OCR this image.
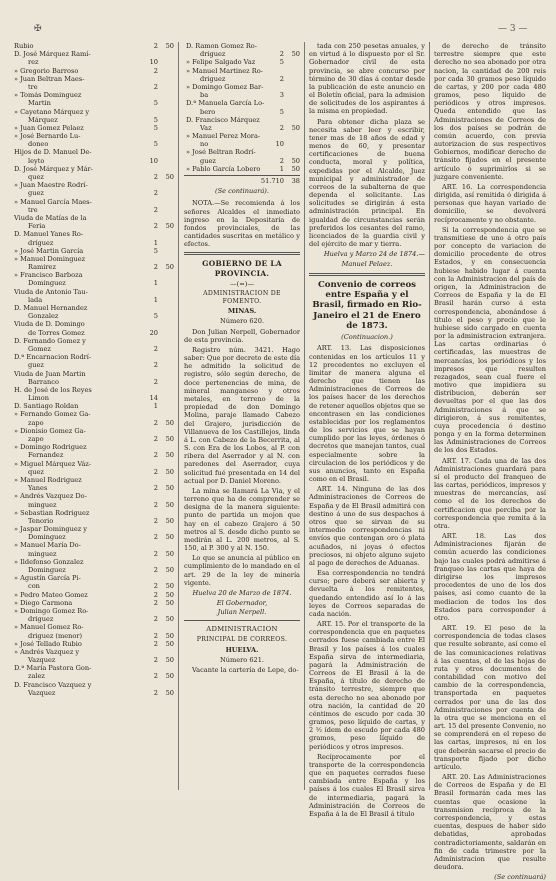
✠	— 3 —
Rubio	2	50
D. José Márquez Ramí-
rez	10
» Gregorio Barroso	2
» Juan Beltran Maes-
tre	2
» Tomás Dominguez
Martin	5
» Cayetano Márquez y
Márquez	5
» Juan Gomez Pelaez	5
» José Bernardo Lu-
doneo	5
Hijos de D. Manuel De-
leyto	10
D. José Márquez y Már-
quez	2	50
» Juan Maestre Rodrí-
guez	2
» Manuel García Maes-
tre	2
Viuda de Matías de la
Feria	2	50
D. Manuel Yanes Ro-
dríguez	1
» José Martin García	5
» Manuel Dominguez
Ramirez	2	50
» Francisco Barboza
Dominguez	1
Viuda de Antonio Tau-
lada	1
D. Manuel Hernandez
Gonzalez	5
Viuda de D. Domingo
de Torres Gomez	20
D. Fernando Gomez y
Gomez	2
D.ª Encarnacion Rodrí-
guez	2
Viuda de Juan Martin
Barranco	2
H. de José de los Reyes
Limon	14
D. Santiago Roldan	1
» Fernando Gomez Ga-
zapo	2	50
» Dionisio Gomez Ga-
zapo	2	50
» Domingo Rodriguez
Fernandez	2	50
» Miguel Márquez Váz-
quez	2	50
» Manuel Rodriguez
Yanes	2	50
» Andrés Vazquez Do-
minguez	2	50
» Sebastian Rodriguez
Tenorio	2	50
» Jaspar Dominguez y
Dominguez	2	50
» Manuel María Do-
minguez	2	50
» Ildefonso Gonzalez
Dominguez	2	50
» Agustín García Pi-
con	2	50
» Pedro Mateo Gomez	2	50
» Diego Carmona	2	50
» Domingo Gomez Ro-
driguez	2	50
» Manuel Gomez Ro-
driguez (menor)	2	50
» José Tellado Rubio	2	50
» Andrés Vazquez y
Vazquez	2	50
D.ª María Pastora Gon-
zalez	2	50
D. Francisco Vazquez y
Vazquez	2	50
D. Ramon Gomez Ro-
driguez	2	50
» Felipe Salgado Vaz	5
» Manuel Martinez Ro-
driguez	2
» Domingo Gomez Bar-
ba	3
D.ª Manuela García Lo-
bero	5
D. Francisco Márquez
Vaz	2	50
» Manuel Perez Mora-
no	10
» José Beltran Rodrí-
guez	2	50
» Pablo García Lobero	1	50
51.710	38
(Se continuará).
NOTA.—Se recomienda á los señores Alcaldes el inmediato ingreso en la Depositaría de fondos provinciales, de las cantidades suscritas en metálico y efectos.
GOBIERNO DE LA PROVINCIA.
—(=)—
ADMINISTRACION DE FOMENTO.
MINAS.
Número 620.
Don Julian Nerpell, Gobernador de esta provincia.
Registro núm. 3421. Hago saber: Que por decreto de este día he admitido la solicitud de registro, sólo según derecho, de doce pertenencias de mina, de mineral manganeso y otros metales, en terreno de la propiedad de don Domingo Molina, paraje llamado Cabezo del Grajero, jurisdicción de Villanueva de los Castillejos, linda á L. con Cabezo de la Becerrita, al S. con Era de los Lobos, al P. con ribera del Aserrador y al N. con paredones del Aserrador, cuya solicitud fué presentada en 14 del actual por D. Daniel Moreno.
La mina se llamará La Via, y el terreno que ha de comprender se designa de la manera siguiente: punto de partida un mojon que hay en el cabezo Grajero á 50 metros al S. desde dicho punto se medirán al L. 200 metros, al S. 150, al P. 300 y al N. 150.
Lo que se anuncia al público en cumplimiento de lo mandado en el art. 29 de la ley de minería vigente.
Huelva 20 de Marzo de 1874.
El Gobernador,
Julian Nerpell.
ADMINISTRACION
PRINCIPAL DE CORREOS.
HUELVA.
Número 621.
Vacante la cartería de Lepe, do-
tada con 250 pesetas anuales, y en virtud á lo dispuesto por el Sr. Gobernador civil de esta provincia, se abre concurso por término de 30 días á contar desde la publicación de este anuncio en el Boletín oficial, para la admision de solicitudes de los aspirantes á la misma en propiedad.
Para obtener dicha plaza se necesita saber leer y escribir, tener mas de 18 años de edad y menos de 60, y presentar certificaciones de buena conducta, moral y política, expedidas por el Alcalde, Juez municipal y administrador de correos de la subalterna de que dependa el solicitante. Las solicitudes se dirigirán á esta administración principal. En igualdad de circunstancias serán preferidos los cesantes del ramo, licenciados de la guardia civil y del ejército de mar y tierra.
Huelva y Marzo 24 de 1874.—
Manuel Pelaez.
Convenio de correos entre España y el Brasil, firmado en Rio-Janeiro el 21 de Enero de 1873.
(Continuacion.)
ART. 13. Las disposiciones contenidas en los artículos 11 y 12 precedentes no excluyen el limitar de manera alguna el derecho que tienen las Administraciones de Correos de los países hacer de los derechos de retener aquellos objetos que se encontrasen en las condiciones establecidas por los reglamentos de los servicios que se hayan cumplido por las leyes, órdenes ó decretos que manejan tantos, cual especialmente sobre la circulacion de los periódicos y de sus anuncios, tanto en España como en el Brasil.
ART. 14. Ninguna de las dos Administraciones de Correos de España y de El Brasil admitirá con destino á uno de sus despachos á otros que se sirvan de su intermedio correspondencias ni envíos que contengan oro ó plata acuñados, ni joyas ó efectos preciosos, ni objeto alguno sujeto al pago de derechos de Aduanas.
Esa correspondencia no tendrá curso; pero deberá ser abierta y devuelta á los remitentes, quedando entendido así lo á las leyes de Correos separadas de cada nación.
ART. 15. Por el transporte de la correspondencia que en paquetes cerrados fuese cambiada entre El Brasil y los países á los cuales España sirva de intermediaria, pagará la Administración de Correos de El Brasil á la de España, á título de derecho de tránsito terrestre, siempre que esta derecho no sea abonado por otra nación, la cantidad de 20 céntimos de escudo por cada 30 gramos, peso líquido de cartas, y 2 ½ ídem de escudo por cada 480 gramos, peso líquido de periódicos y otros impresos.
Recíprocamente por el transporte de la correspondencia que en paquetes cerrados fuese cambiada entre España y los países á los cuales El Brasil sirva de intermediaria, pagará la Administración de Correos de España á la de El Brasil á título
de derecho de tránsito terrestre siempre que este derecho no sea abonado por otra nacion, la cantidad de 200 reis por cada 30 gramos peso líquido de cartas, y 200 por cada 480 gramos, peso líquido de periódicos y otros impresos. Queda entendido que las Administraciones de Correos de los dos países se podrán de común acuerdo, con previa autorizacion de sus respectivos Gobiernos, modificar derecho de tránsito fijados en el presente artículo ó suprimirlos si se juzgare conveniente.
ART. 16. La correspondencia dirigida, así remitida ó dirigida á personas que hayan variado de domicilio, se devolverá recíprocamente y no obstante.
Si la correspondencia que se transmitiese de uno á otro país por concepto de variacion de domicilio procedente de otros Estados, y en consecuencia hubiese habido lugar á cuenta con la Administracion del país de origen, la Administracion de Correos de España y la de El Brasil harán curso á esta correspondencia, abonándose á título el peso y precio que le hubiese sido cargado en cuenta por la administracion extranjera. Las cartas ordinarias ó certificadas, las muestras de mercancías, los periódicos y los impresos que resulten rezagados, sean cual fuere el motivo que impidiera su distribucion, deberán ser devueltas por el que las dos Administraciones á que se dirigieron, á sus remitentes, cuya procedencia ó destino ponga y en la forma determinen las Administraciones de Correos de los dos Estados.
ART. 17. Cada una de las dos Administraciones guardará para sí el producto del franqueo de las cartas, periódicos, impresos y muestras de mercancías, así como el de los derechos de certificacion que perciba por la correspondencia que remita á la otra.
ART. 18. Las dos Administraciones fijarán de común acuerdo las condiciones bajo las cuales podrá admitirse á franqueo las cartas que haya de dirigirse los impresos procedentes de uno de los dos países, así como cuanto de la mediacion de todos los dos Estados para corresponder á otro.
ART. 19. El peso de la correspondencia de todas clases que resulte sobrante, así como el de las comunicaciones relativas á las cuentas, el de las hojas de ruta y otros documentos de contabilidad con motivo del cambio de la correspondencia, transportada en paquetes cerrados por una de las dos Administraciones por cuenta de la otra que se menciona en el art. 15 del presente Convenio, no se comprenderá en el repeso de las cartas, impresos, ni en los que deberán sacarse el precio de transporte fijado por dicho artículo.
ART. 20. Las Administraciones de Correos de España y de El Brasil formarán cada mes las cuentas que ocasione la transmision recíproca de la correspondencia, y estas cuentas, despues de haber sido debatidas, aprobadas contradictoriamente, saldarán en fin de cada trimestre por la Administracion que resulte deudora.
(Se continuará)
